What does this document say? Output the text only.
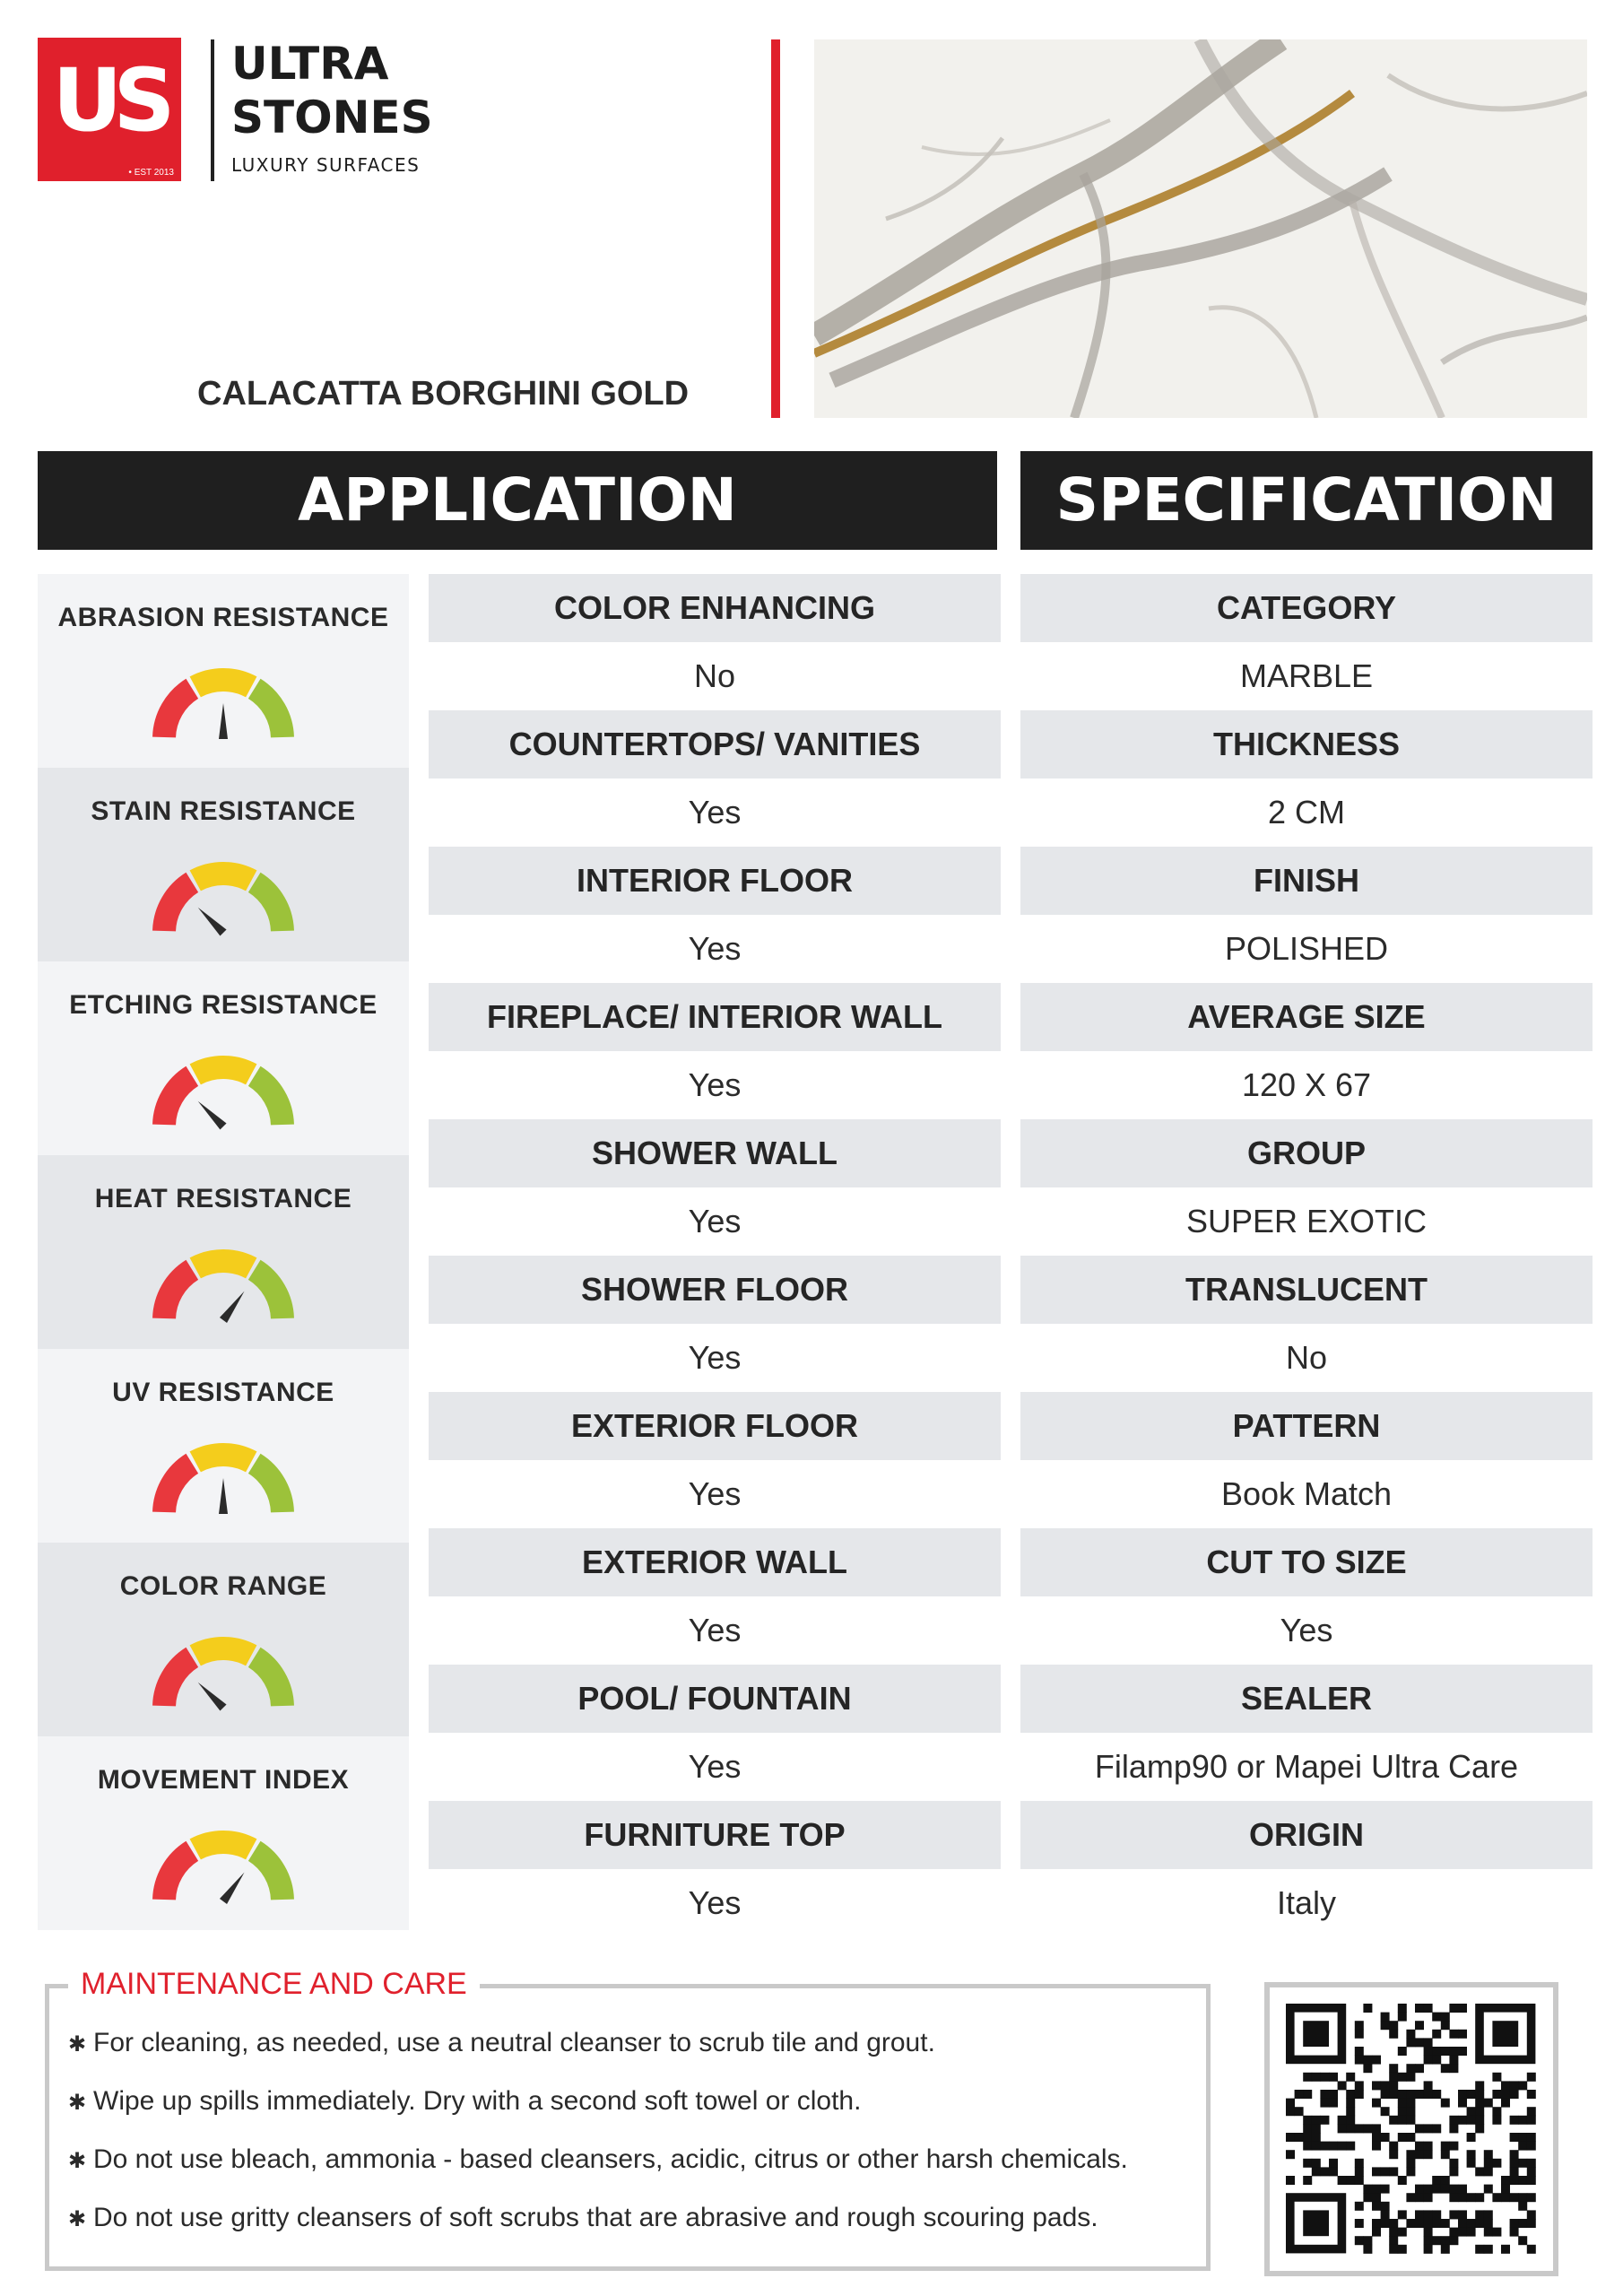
US
• EST 2013
ULTRA
STONES
LUXURY SURFACES
CALACATTA BORGHINI GOLD
APPLICATION	SPECIFICATION
ABRASION RESISTANCE
STAIN RESISTANCE
ETCHING RESISTANCE
HEAT RESISTANCE
UV RESISTANCE
COLOR RANGE
MOVEMENT INDEX
COLOR ENHANCING
No
COUNTERTOPS/ VANITIES
Yes
INTERIOR FLOOR
Yes
FIREPLACE/ INTERIOR WALL
Yes
SHOWER WALL
Yes
SHOWER FLOOR
Yes
EXTERIOR FLOOR
Yes
EXTERIOR WALL
Yes
POOL/ FOUNTAIN
Yes
FURNITURE TOP
Yes
CATEGORY
MARBLE
THICKNESS
2 CM
FINISH
POLISHED
AVERAGE SIZE
120 X 67
GROUP
SUPER EXOTIC
TRANSLUCENT
No
PATTERN
Book Match
CUT TO SIZE
Yes
SEALER
Filamp90 or Mapei Ultra Care
ORIGIN
Italy
MAINTENANCE AND CARE
✱ For cleaning, as needed, use a neutral cleanser to scrub tile and grout.
✱ Wipe up spills immediately. Dry with a second soft towel or cloth.
✱ Do not use bleach, ammonia - based cleansers, acidic, citrus or other harsh chemicals.
✱ Do not use gritty cleansers of soft scrubs that are abrasive and rough scouring pads.
